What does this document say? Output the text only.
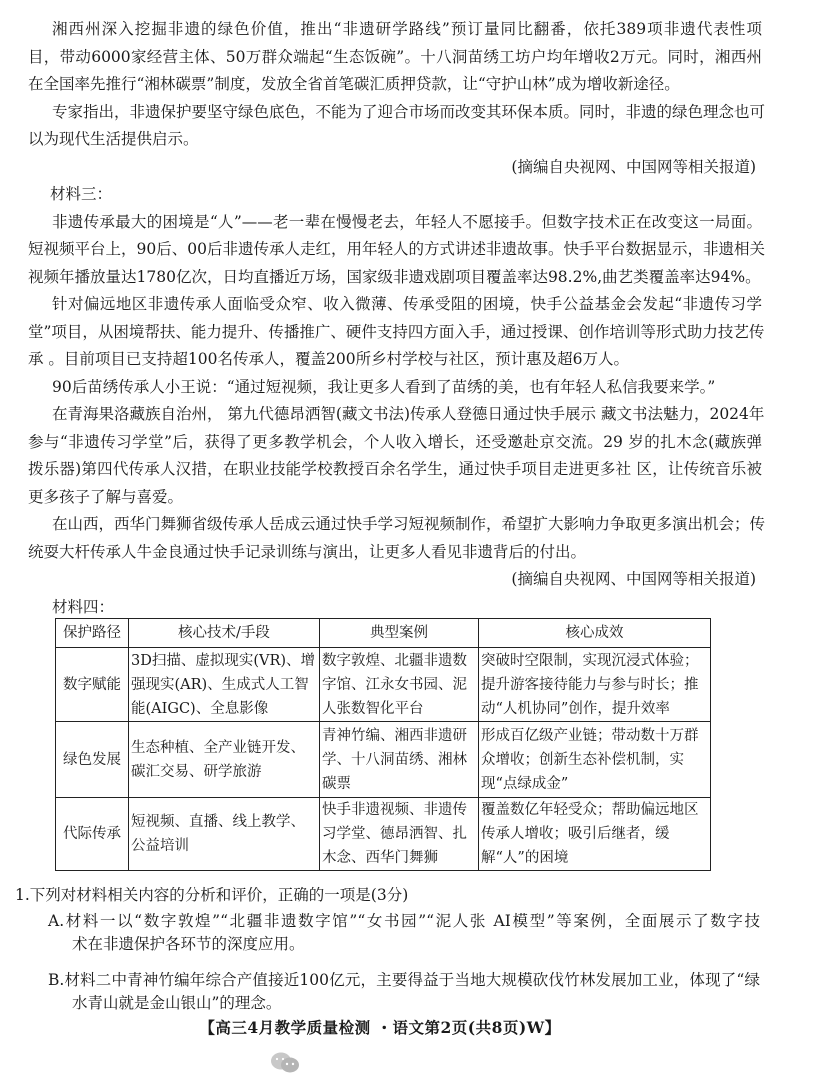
湘西州深入挖掘非遗的绿色价值，推出“非遗研学路线”预订量同比翻番，依托389项非遗代表性项
目，带动6000家经营主体、50万群众端起“生态饭碗”。十八洞苗绣工坊户均年增收2万元。同时，湘西州
在全国率先推行“湘林碳票”制度，发放全省首笔碳汇质押贷款，让“守护山林”成为增收新途径。
专家指出，非遗保护要坚守绿色底色，不能为了迎合市场而改变其环保本质。同时，非遗的绿色理念也可
以为现代生活提供启示。
(摘编自央视网、中国网等相关报道)
材料三：
非遗传承最大的困境是“人”——老一辈在慢慢老去，年轻人不愿接手。但数字技术正在改变这一局面。
短视频平台上，90后、00后非遗传承人走红，用年轻人的方式讲述非遗故事。快手平台数据显示，非遗相关
视频年播放量达1780亿次，日均直播近万场，国家级非遗戏剧项目覆盖率达98.2%,曲艺类覆盖率达94%。
针对偏远地区非遗传承人面临受众窄、收入微薄、传承受阻的困境，快手公益基金会发起“非遗传习学
堂”项目，从困境帮扶、能力提升、传播推广、硬件支持四方面入手，通过授课、创作培训等形式助力技艺传
承 。目前项目已支持超100名传承人，覆盖200所乡村学校与社区，预计惠及超6万人。
90后苗绣传承人小王说：“通过短视频，我让更多人看到了苗绣的美，也有年轻人私信我要来学。”
在青海果洛藏族自治州， 第九代德昂洒智(藏文书法)传承人登德日通过快手展示 藏文书法魅力，2024年
参与“非遗传习学堂”后，获得了更多教学机会，个人收入增长，还受邀赴京交流。29 岁的扎木念(藏族弹
拨乐器)第四代传承人汉措，在职业技能学校教授百余名学生，通过快手项目走进更多社 区，让传统音乐被
更多孩子了解与喜爱。
在山西，西华门舞狮省级传承人岳成云通过快手学习短视频制作，希望扩大影响力争取更多演出机会；传
统耍大杆传承人牛金良通过快手记录训练与演出，让更多人看见非遗背后的付出。
(摘编自央视网、中国网等相关报道)
材料四：
保护路径	核心技术/手段	典型案例	核心成效
数字赋能	3D扫描、虚拟现实(VR)、增强现实(AR)、生成式人工智能(AIGC)、全息影像	数字敦煌、北疆非遗数字馆、江永女书园、泥人张数智化平台	突破时空限制，实现沉浸式体验；提升游客接待能力与参与时长；推动“人机协同”创作，提升效率
绿色发展	生态种植、全产业链开发、碳汇交易、研学旅游	青神竹编、湘西非遗研学、十八洞苗绣、湘林碳票	形成百亿级产业链；带动数十万群众增收；创新生态补偿机制，实现“点绿成金”
代际传承	短视频、直播、线上教学、公益培训	快手非遗视频、非遗传习学堂、德昂洒智、扎木念、西华门舞狮	覆盖数亿年轻受众；帮助偏远地区传承人增收；吸引后继者，缓解“人”的困境
1.下列对材料相关内容的分析和评价，正确的一项是(3分)
A.材料一以“数字敦煌”“北疆非遗数字馆”“女书园”“泥人张 AI模型”等案例，全面展示了数字技
术在非遗保护各环节的深度应用。
B.材料二中青神竹编年综合产值接近100亿元，主要得益于当地大规模砍伐竹林发展加工业，体现了“绿
水青山就是金山银山”的理念。
【高三4月教学质量检测 ・语文第2页(共8页)W】
